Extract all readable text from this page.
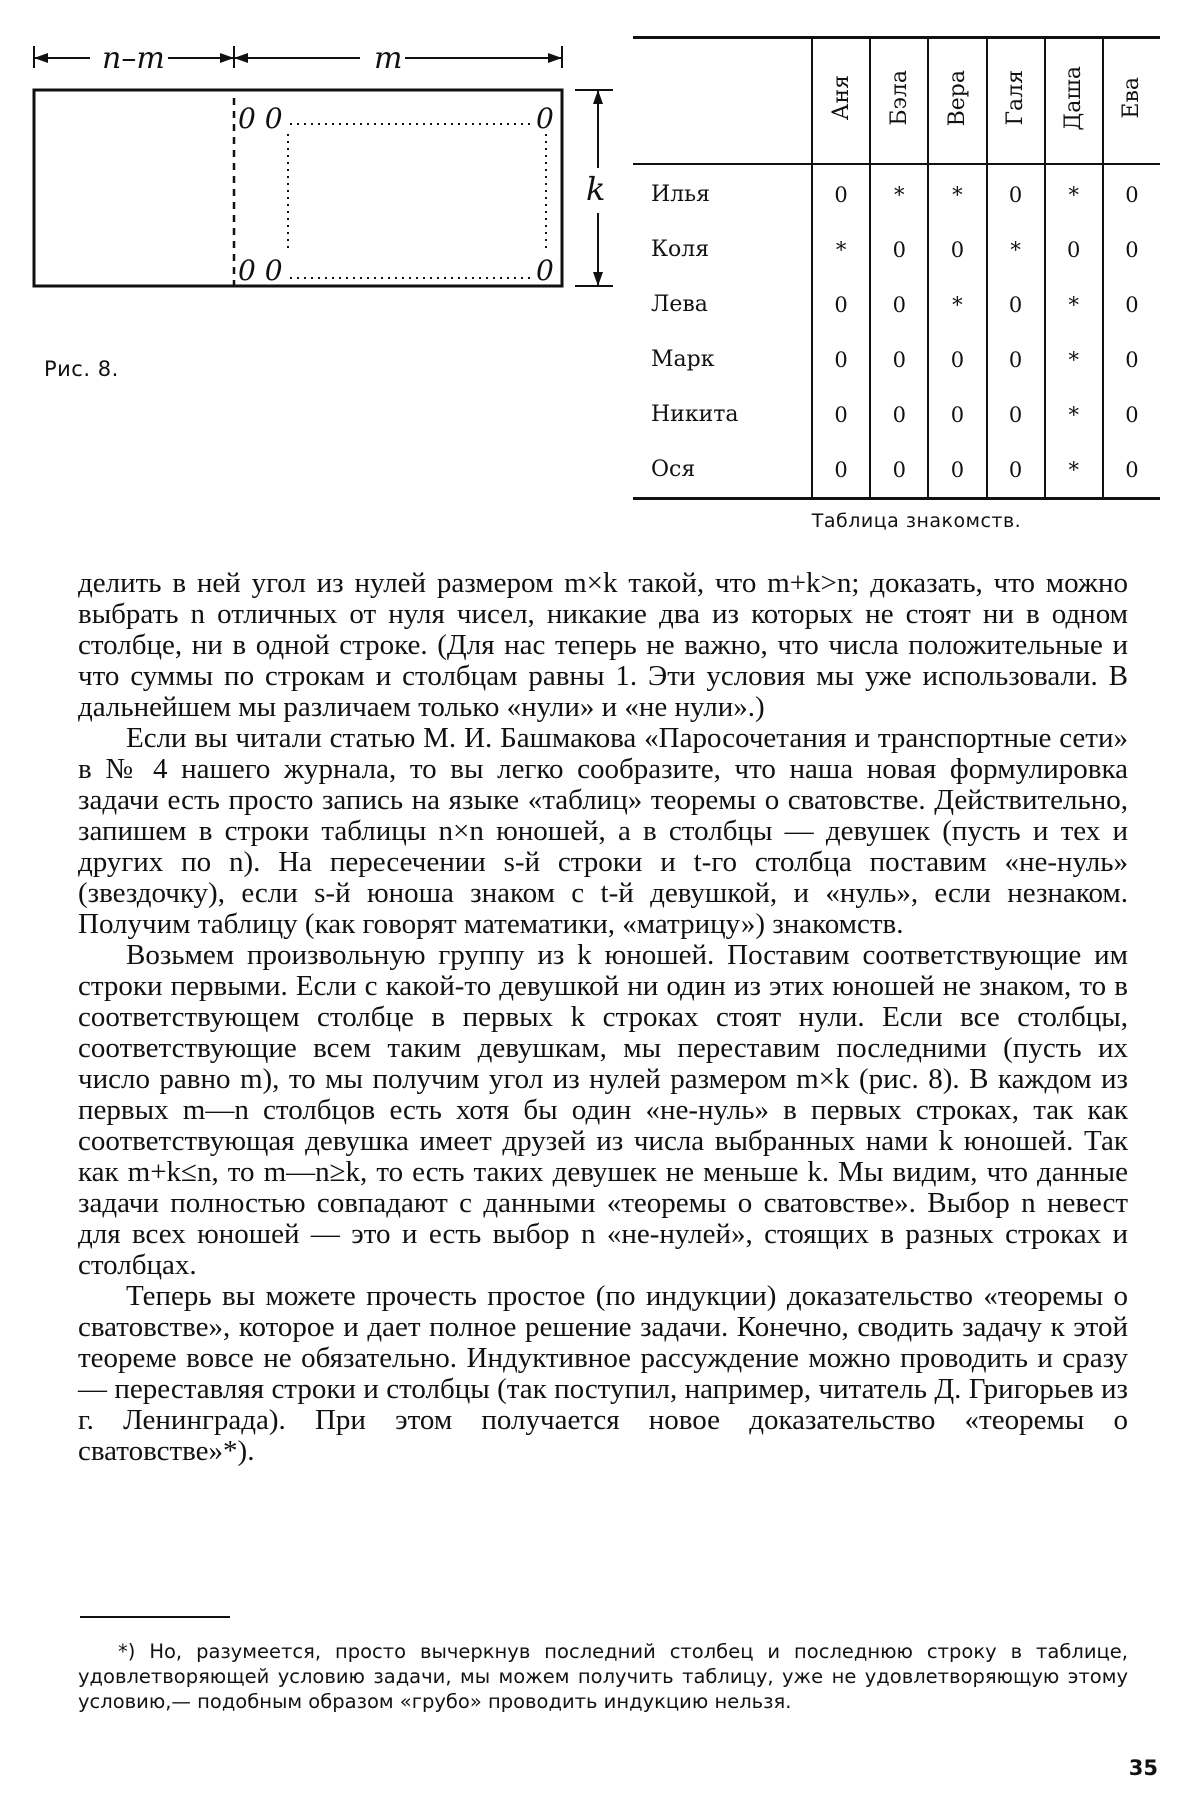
n–m	m
k
0 0	0
0 0	0
Рис. 8.
	Аня	Бэла	Вера	Галя	Даша	Ева
Илья	0	*	*	0	*	0
Коля	*	0	0	*	0	0
Лева	0	0	*	0	*	0
Марк	0	0	0	0	*	0
Никита	0	0	0	0	*	0
Ося	0	0	0	0	*	0
Таблица знакомств.

делить в ней угол из нулей размером m×k такой, что m+k>n; доказать, что можно выбрать n отличных от нуля чисел, никакие два из которых не стоят ни в одном столбце, ни в одной строке. (Для нас теперь не важно, что числа положительные и что суммы по строкам и столбцам равны 1. Эти условия мы уже использовали. В дальнейшем мы различаем только «нули» и «не нули».)

Если вы читали статью М. И. Башмакова «Паросочетания и транспортные сети» в № 4 нашего журнала, то вы легко сообразите, что наша новая формулировка задачи есть просто запись на языке «таблиц» теоремы о сватовстве. Действительно, запишем в строки таблицы n×n юношей, а в столбцы — девушек (пусть и тех и других по n). На пересечении s-й строки и t-го столбца поставим «не-нуль» (звездочку), если s-й юноша знаком с t-й девушкой, и «нуль», если незнаком. Получим таблицу (как говорят математики, «матрицу») знакомств.

Возьмем произвольную группу из k юношей. Поставим соответствующие им строки первыми. Если с какой-то девушкой ни один из этих юношей не знаком, то в соответствующем столбце в первых k строках стоят нули. Если все столбцы, соответствующие всем таким девушкам, мы переставим последними (пусть их число равно m), то мы получим угол из нулей размером m×k (рис. 8). В каждом из первых m—n столбцов есть хотя бы один «не-нуль» в первых строках, так как соответствующая девушка имеет друзей из числа выбранных нами k юношей. Так как m+k≤n, то m—n≥k, то есть таких девушек не меньше k. Мы видим, что данные задачи полностью совпадают с данными «теоремы о сватовстве». Выбор n невест для всех юношей — это и есть выбор n «не-нулей», стоящих в разных строках и столбцах.

Теперь вы можете прочесть простое (по индукции) доказательство «теоремы о сватовстве», которое и дает полное решение задачи. Конечно, сводить задачу к этой теореме вовсе не обязательно. Индуктивное рассуждение можно проводить и сразу — переставляя строки и столбцы (так поступил, например, читатель Д. Григорьев из г. Ленинграда). При этом получается новое доказательство «теоремы о сватовстве»*).

*) Но, разумеется, просто вычеркнув последний столбец и последнюю строку в таблице, удовлетворяющей условию задачи, мы можем получить таблицу, уже не удовлетворяющую этому условию,— подобным образом «грубо» проводить индукцию нельзя.

35
